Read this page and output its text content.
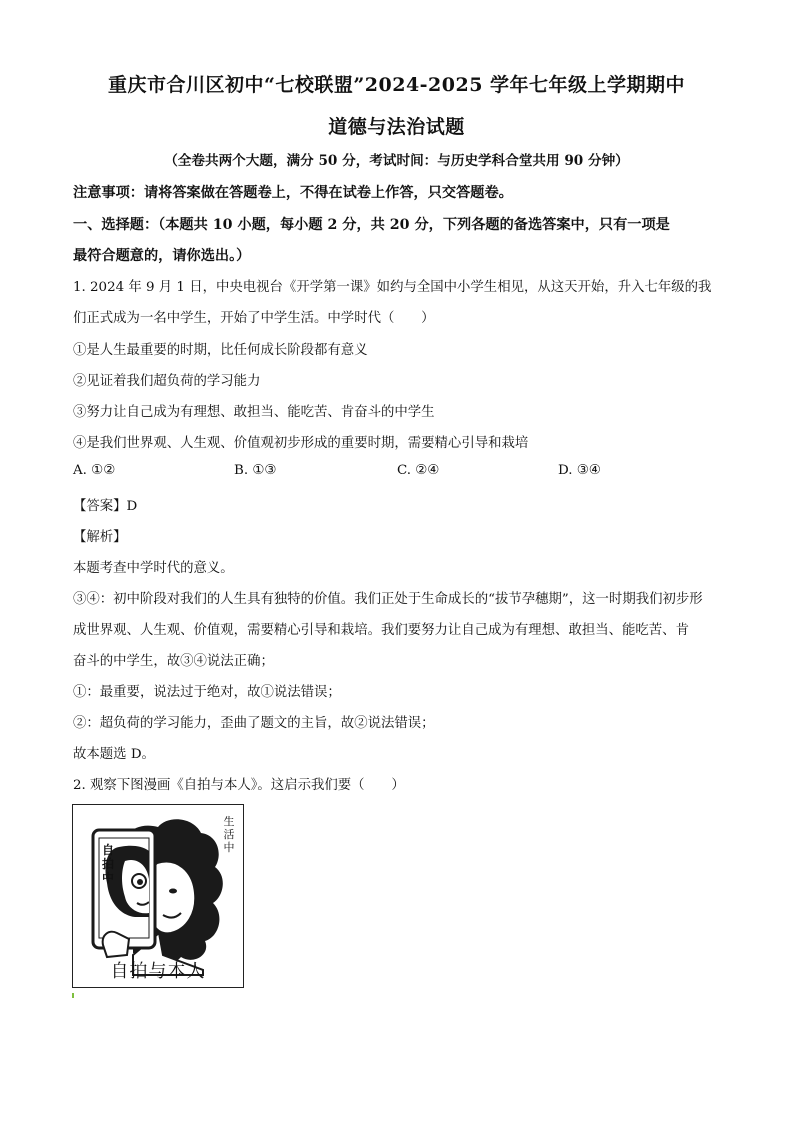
重庆市合川区初中“七校联盟”2024-2025 学年七年级上学期期中
道德与法治试题
（全卷共两个大题，满分 50 分，考试时间：与历史学科合堂共用 90 分钟）
注意事项：请将答案做在答题卷上，不得在试卷上作答，只交答题卷。
一、选择题：（本题共 10 小题，每小题 2 分，共 20 分，下列各题的备选答案中，只有一项是
最符合题意的，请你选出。）
1. 2024 年 9 月 1 日，中央电视台《开学第一课》如约与全国中小学生相见，从这天开始，升入七年级的我
们正式成为一名中学生，开始了中学生活。中学时代（　　）
①是人生最重要的时期，比任何成长阶段都有意义
②见证着我们超负荷的学习能力
③努力让自己成为有理想、敢担当、能吃苦、肯奋斗的中学生
④是我们世界观、人生观、价值观初步形成的重要时期，需要精心引导和栽培
A. ①②	B. ①③	C. ②④	D. ③④
【答案】D
【解析】
本题考查中学时代的意义。
③④：初中阶段对我们的人生具有独特的价值。我们正处于生命成长的“拔节孕穗期”，这一时期我们初步形
成世界观、人生观、价值观，需要精心引导和栽培。我们要努力让自己成为有理想、敢担当、能吃苦、肯
奋斗的中学生，故③④说法正确；
①：最重要，说法过于绝对，故①说法错误；
②：超负荷的学习能力，歪曲了题文的主旨，故②说法错误；
故本题选 D。
2. 观察下图漫画《自拍与本人》。这启示我们要（　　）
自拍中
生活中
自拍与本人
